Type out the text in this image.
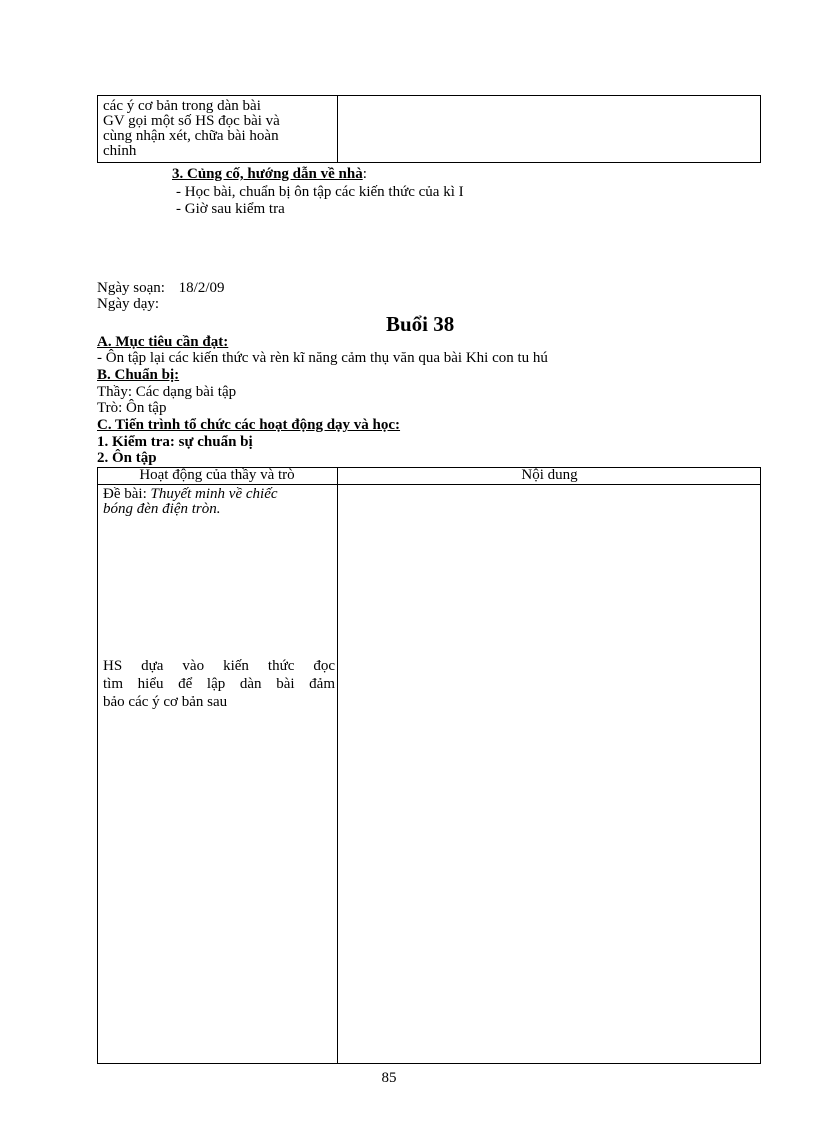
các ý cơ bản trong dàn bài
GV gọi một số HS đọc bài và
cùng nhận xét, chữa bài hoàn
chỉnh
3. Củng cố, hướng dẫn về nhà:
- Học bài, chuẩn bị ôn tập các kiến thức của kì I
- Giờ sau kiểm tra
Ngày soạn: 18/2/09
Ngày dạy:
Buổi 38
A. Mục tiêu cần đạt:
- Ôn tập lại các kiến thức và rèn kĩ năng cảm thụ văn qua bài Khi con tu hú
B. Chuẩn bị:
Thầy: Các dạng bài tập
Trò: Ôn tập
C. Tiến trình tổ chức các hoạt động dạy và học:
1. Kiểm tra: sự chuẩn bị
2. Ôn tập
Hoạt động của thầy và trò	Nội dung
Đề bài: Thuyết minh về chiếc
bóng đèn điện tròn.
HS dựa vào kiến thức đọc
tìm hiểu để lập dàn bài đảm
bảo các ý cơ bản sau
85
